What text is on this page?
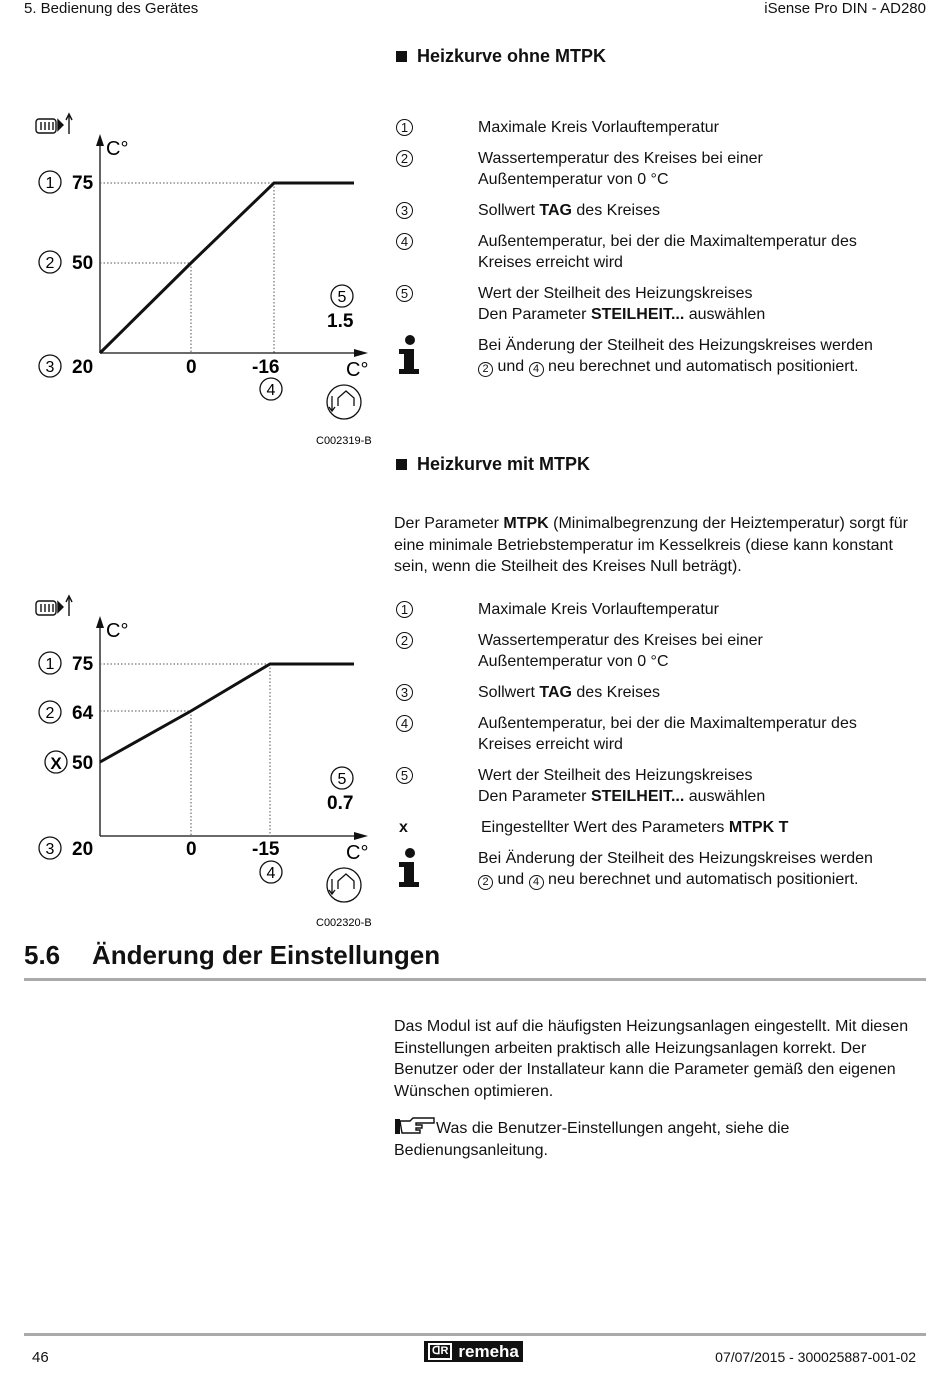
5. Bedienung des Gerätes	iSense Pro DIN - AD280
Heizkurve ohne MTPK
C°
1 75
2 50
3 20	0	-16
4
5
1.5
C°
C002319-B
1	Maximale Kreis Vorlauftemperatur
2	Wassertemperatur des Kreises bei einer
Außentemperatur von 0 °C
3	Sollwert TAG des Kreises
4	Außentemperatur, bei der die Maximaltemperatur des
Kreises erreicht wird
5	Wert der Steilheit des Heizungskreises
Den Parameter STEILHEIT... auswählen
Bei Änderung der Steilheit des Heizungskreises werden
2 und 4 neu berechnet und automatisch positioniert.
Heizkurve mit MTPK
Der Parameter MTPK (Minimalbegrenzung der Heiztemperatur) sorgt für eine minimale Betriebstemperatur im Kesselkreis (diese kann konstant sein, wenn die Steilheit des Kreises Null beträgt).
C°
1 75
2 64
X 50
3 20	0	-15
4
5
0.7
C°
C002320-B
1	Maximale Kreis Vorlauftemperatur
2	Wassertemperatur des Kreises bei einer
Außentemperatur von 0 °C
3	Sollwert TAG des Kreises
4	Außentemperatur, bei der die Maximaltemperatur des
Kreises erreicht wird
5	Wert der Steilheit des Heizungskreises
Den Parameter STEILHEIT... auswählen
x	Eingestellter Wert des Parameters MTPK T
Bei Änderung der Steilheit des Heizungskreises werden
2 und 4 neu berechnet und automatisch positioniert.
5.6	Änderung der Einstellungen
Das Modul ist auf die häufigsten Heizungsanlagen eingestellt. Mit diesen Einstellungen arbeiten praktisch alle Heizungsanlagen korrekt. Der Benutzer oder der Installateur kann die Parameter gemäß den eigenen Wünschen optimieren.
Was die Benutzer-Einstellungen angeht, siehe die Bedienungsanleitung.
46	ᗡR remeha	07/07/2015 - 300025887-001-02
